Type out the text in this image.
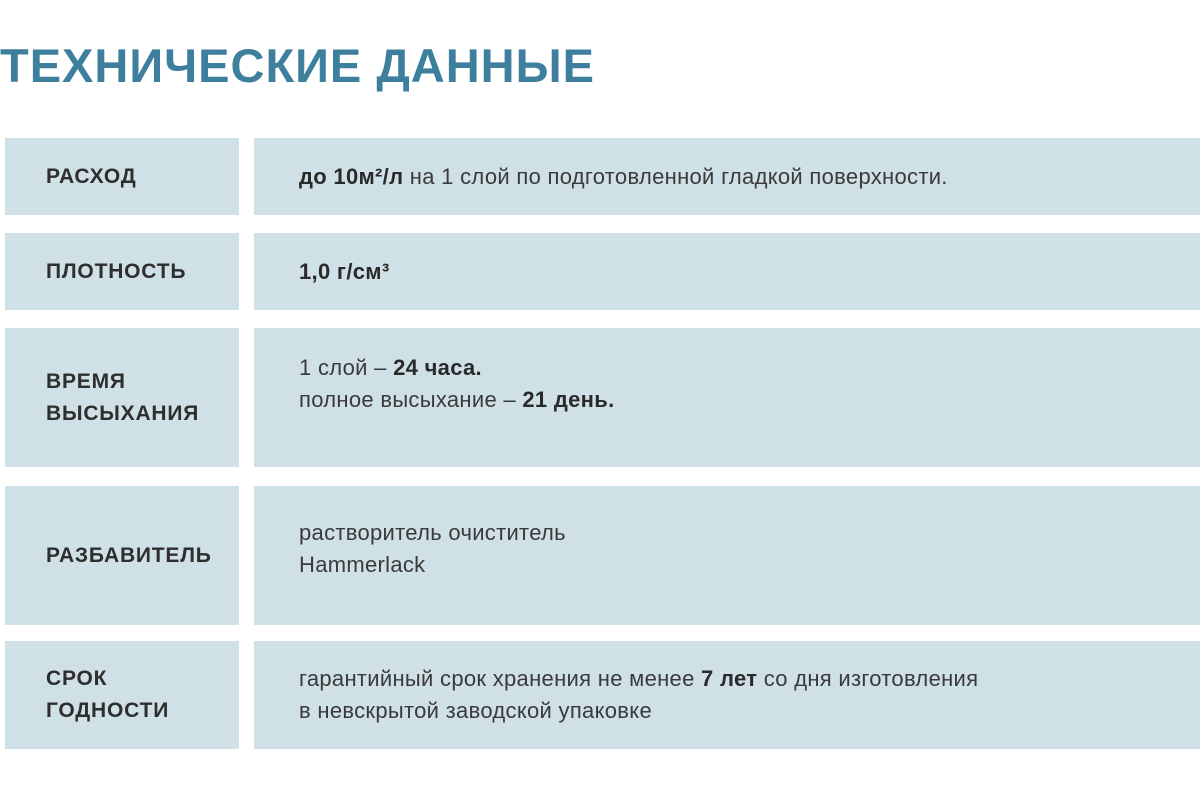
ТЕХНИЧЕСКИЕ ДАННЫЕ
РАСХОД	до 10м²/л на 1 слой по подготовленной гладкой поверхности.
ПЛОТНОСТЬ	1,0 г/см³
ВРЕМЯ
ВЫСЫХАНИЯ
1 слой – 24 часа.
полное высыхание – 21 день.
РАЗБАВИТЕЛЬ
растворитель очиститель
Hammerlack
СРОК
ГОДНОСТИ
гарантийный срок хранения не менее 7 лет со дня изготовления
в невскрытой заводской упаковке
